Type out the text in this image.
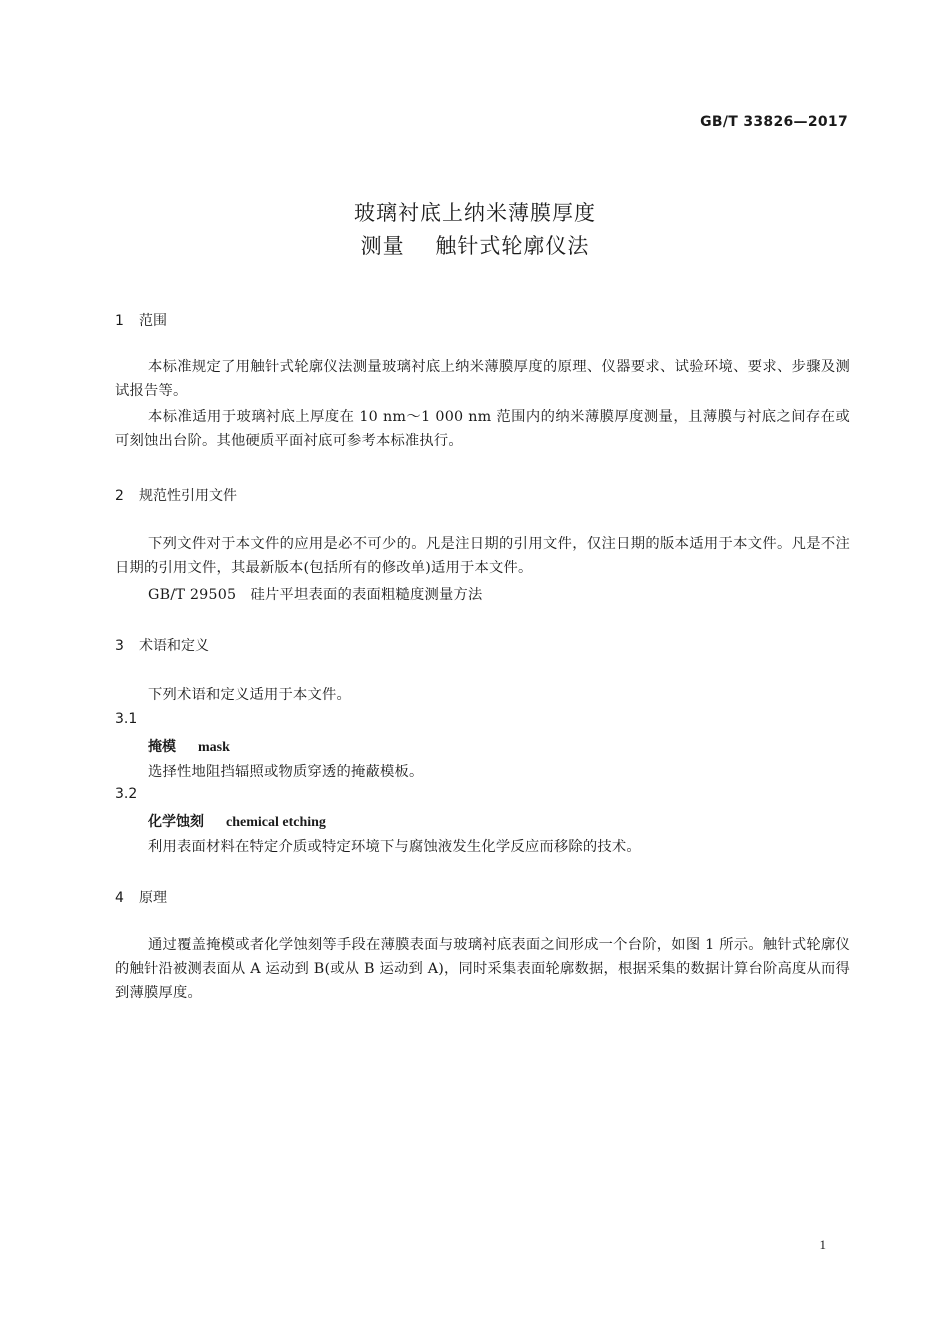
GB/T 33826—2017
玻璃衬底上纳米薄膜厚度
测量    触针式轮廓仪法
1 范围
本标准规定了用触针式轮廓仪法测量玻璃衬底上纳米薄膜厚度的原理、仪器要求、试验环境、要求、步骤及测试报告等。
本标准适用于玻璃衬底上厚度在 10 nm～1 000 nm 范围内的纳米薄膜厚度测量，且薄膜与衬底之间存在或可刻蚀出台阶。其他硬质平面衬底可参考本标准执行。
2 规范性引用文件
下列文件对于本文件的应用是必不可少的。凡是注日期的引用文件，仅注日期的版本适用于本文件。凡是不注日期的引用文件，其最新版本(包括所有的修改单)适用于本文件。
GB/T 29505   硅片平坦表面的表面粗糙度测量方法
3 术语和定义
下列术语和定义适用于本文件。
3.1
掩模 mask
选择性地阻挡辐照或物质穿透的掩蔽模板。
3.2
化学蚀刻 chemical etching
利用表面材料在特定介质或特定环境下与腐蚀液发生化学反应而移除的技术。
4 原理
通过覆盖掩模或者化学蚀刻等手段在薄膜表面与玻璃衬底表面之间形成一个台阶，如图 1 所示。触针式轮廓仪的触针沿被测表面从 A 运动到 B(或从 B 运动到 A)，同时采集表面轮廓数据，根据采集的数据计算台阶高度从而得到薄膜厚度。
1
